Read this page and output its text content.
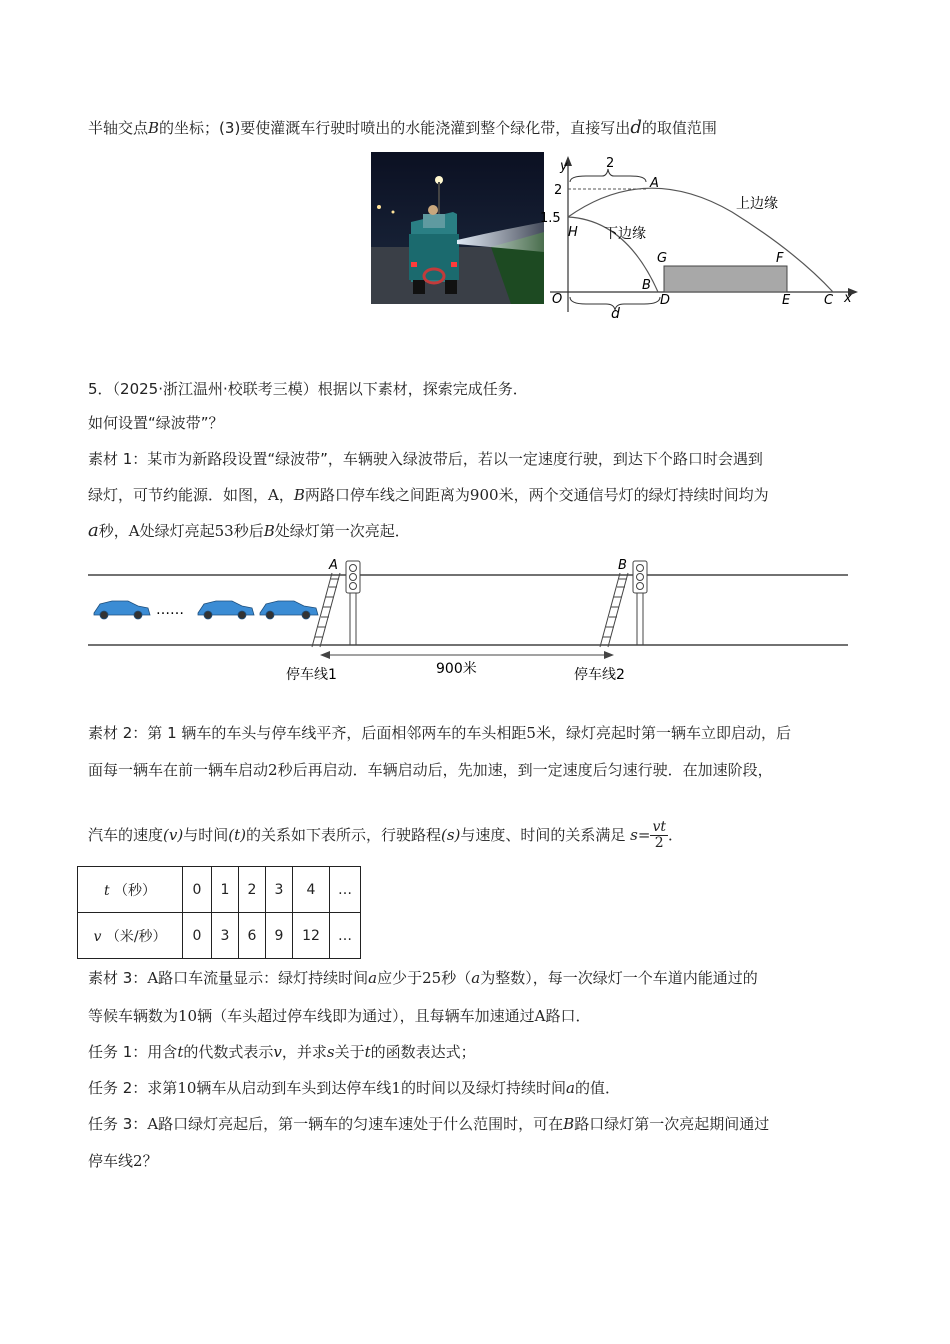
半轴交点B的坐标；(3)要使灌溉车行驶时喷出的水能浇灌到整个绿化带，直接写出d的取值范围
y
x
O
2
1.5
2
A
H
B
上边缘
下边缘
G	F
D	E	C
d
5．（2025·浙江温州·校联考三模）根据以下素材，探索完成任务．
如何设置“绿波带”？
素材 1：某市为新路段设置“绿波带”，车辆驶入绿波带后，若以一定速度行驶，到达下个路口时会遇到
绿灯，可节约能源．如图，A，B两路口停车线之间距离为900米，两个交通信号灯的绿灯持续时间均为
a秒，A处绿灯亮起53秒后B处绿灯第一次亮起．
……
A	B
900米
停车线1	停车线2
素材 2：第 1 辆车的车头与停车线平齐，后面相邻两车的车头相距5米，绿灯亮起时第一辆车立即启动，后
面每一辆车在前一辆车启动2秒后再启动．车辆启动后，先加速，到一定速度后匀速行驶．在加速阶段，
汽车的速度(v)与时间(t)的关系如下表所示，行驶路程(s)与速度、时间的关系满足 $s= \frac{vt}{2}$ ．
t （秒）	0	1	2	3	4	…
v （米/秒）	0	3	6	9	12	…
素材 3：A路口车流量显示：绿灯持续时间a应少于25秒（a为整数），每一次绿灯一个车道内能通过的
等候车辆数为10辆（车头超过停车线即为通过），且每辆车加速通过A路口．
任务 1：用含t的代数式表示v，并求s关于t的函数表达式；
任务 2：求第10辆车从启动到车头到达停车线1的时间以及绿灯持续时间a的值．
任务 3：A路口绿灯亮起后，第一辆车的匀速车速处于什么范围时，可在B路口绿灯第一次亮起期间通过
停车线2？
